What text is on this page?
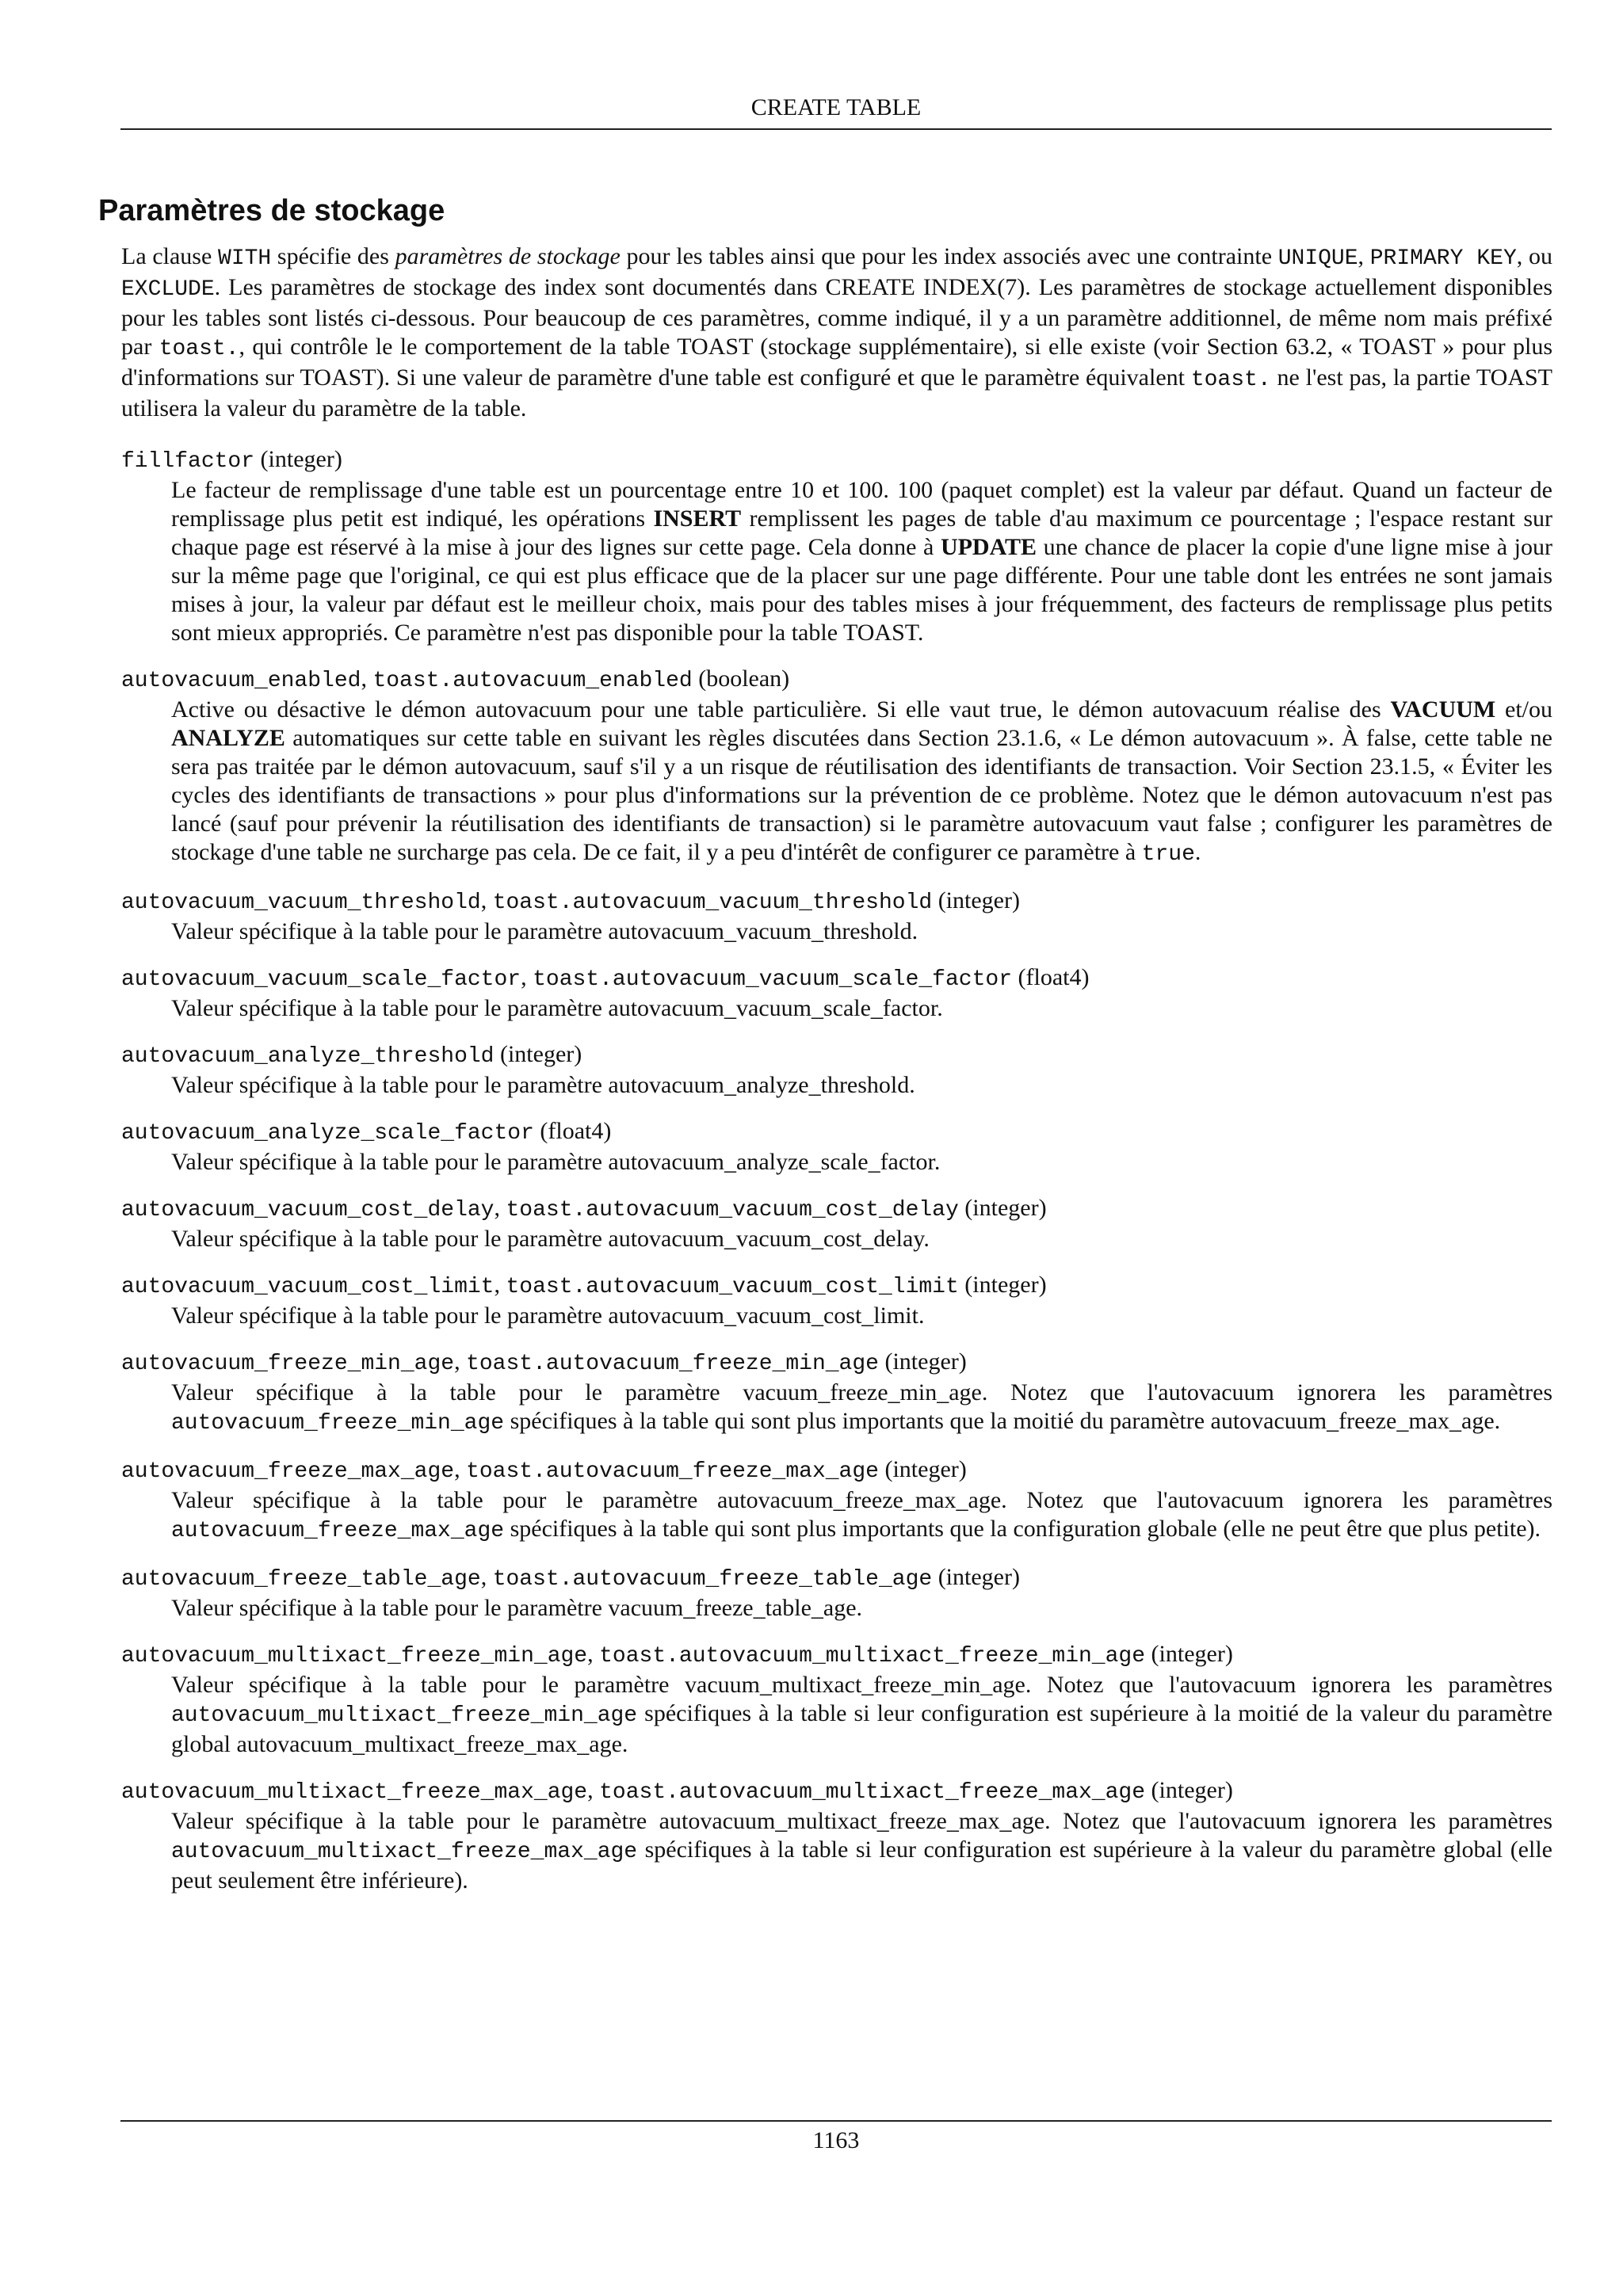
CREATE TABLE
Paramètres de stockage

La clause WITH spécifie des paramètres de stockage pour les tables ainsi que pour les index associés avec une contrainte UNIQUE, PRIMARY KEY, ou EXCLUDE. Les paramètres de stockage des index sont documentés dans CREATE INDEX(7). Les paramètres de stockage actuellement disponibles pour les tables sont listés ci-dessous. Pour beaucoup de ces paramètres, comme indiqué, il y a un paramètre additionnel, de même nom mais préfixé par toast., qui contrôle le le comportement de la table TOAST (stockage supplémentaire), si elle existe (voir Section 63.2, « TOAST » pour plus d'informations sur TOAST). Si une valeur de paramètre d'une table est configuré et que le paramètre équivalent toast. ne l'est pas, la partie TOAST utilisera la valeur du paramètre de la table.

fillfactor (integer)

Le facteur de remplissage d'une table est un pourcentage entre 10 et 100. 100 (paquet complet) est la valeur par défaut. Quand un facteur de remplissage plus petit est indiqué, les opérations INSERT remplissent les pages de table d'au maximum ce pourcentage ; l'espace restant sur chaque page est réservé à la mise à jour des lignes sur cette page. Cela donne à UPDATE une chance de placer la copie d'une ligne mise à jour sur la même page que l'original, ce qui est plus efficace que de la placer sur une page différente. Pour une table dont les entrées ne sont jamais mises à jour, la valeur par défaut est le meilleur choix, mais pour des tables mises à jour fréquemment, des facteurs de remplissage plus petits sont mieux appropriés. Ce paramètre n'est pas disponible pour la table TOAST.

autovacuum_enabled, toast.autovacuum_enabled (boolean)

Active ou désactive le démon autovacuum pour une table particulière. Si elle vaut true, le démon autovacuum réalise des VACUUM et/ou ANALYZE automatiques sur cette table en suivant les règles discutées dans Section 23.1.6, « Le démon autovacuum ». À false, cette table ne sera pas traitée par le démon autovacuum, sauf s'il y a un risque de réutilisation des identifiants de transaction. Voir Section 23.1.5, « Éviter les cycles des identifiants de transactions » pour plus d'informations sur la prévention de ce problème. Notez que le démon autovacuum n'est pas lancé (sauf pour prévenir la réutilisation des identifiants de transaction) si le paramètre autovacuum vaut false ; configurer les paramètres de stockage d'une table ne surcharge pas cela. De ce fait, il y a peu d'intérêt de configurer ce paramètre à true.

autovacuum_vacuum_threshold, toast.autovacuum_vacuum_threshold (integer)

Valeur spécifique à la table pour le paramètre autovacuum_vacuum_threshold.

autovacuum_vacuum_scale_factor, toast.autovacuum_vacuum_scale_factor (float4)

Valeur spécifique à la table pour le paramètre autovacuum_vacuum_scale_factor.

autovacuum_analyze_threshold (integer)

Valeur spécifique à la table pour le paramètre autovacuum_analyze_threshold.

autovacuum_analyze_scale_factor (float4)

Valeur spécifique à la table pour le paramètre autovacuum_analyze_scale_factor.

autovacuum_vacuum_cost_delay, toast.autovacuum_vacuum_cost_delay (integer)

Valeur spécifique à la table pour le paramètre autovacuum_vacuum_cost_delay.

autovacuum_vacuum_cost_limit, toast.autovacuum_vacuum_cost_limit (integer)

Valeur spécifique à la table pour le paramètre autovacuum_vacuum_cost_limit.

autovacuum_freeze_min_age, toast.autovacuum_freeze_min_age (integer)

Valeur spécifique à la table pour le paramètre vacuum_freeze_min_age. Notez que l'autovacuum ignorera les paramètres autovacuum_freeze_min_age spécifiques à la table qui sont plus importants que la moitié du paramètre autovacuum_freeze_max_age.

autovacuum_freeze_max_age, toast.autovacuum_freeze_max_age (integer)

Valeur spécifique à la table pour le paramètre autovacuum_freeze_max_age. Notez que l'autovacuum ignorera les paramètres autovacuum_freeze_max_age spécifiques à la table qui sont plus importants que la configuration globale (elle ne peut être que plus petite).

autovacuum_freeze_table_age, toast.autovacuum_freeze_table_age (integer)

Valeur spécifique à la table pour le paramètre vacuum_freeze_table_age.

autovacuum_multixact_freeze_min_age, toast.autovacuum_multixact_freeze_min_age (integer)

Valeur spécifique à la table pour le paramètre vacuum_multixact_freeze_min_age. Notez que l'autovacuum ignorera les paramètres autovacuum_multixact_freeze_min_age spécifiques à la table si leur configuration est supérieure à la moitié de la valeur du paramètre global autovacuum_multixact_freeze_max_age.

autovacuum_multixact_freeze_max_age, toast.autovacuum_multixact_freeze_max_age (integer)

Valeur spécifique à la table pour le paramètre autovacuum_multixact_freeze_max_age. Notez que l'autovacuum ignorera les paramètres autovacuum_multixact_freeze_max_age spécifiques à la table si leur configuration est supérieure à la valeur du paramètre global (elle peut seulement être inférieure).

1163
